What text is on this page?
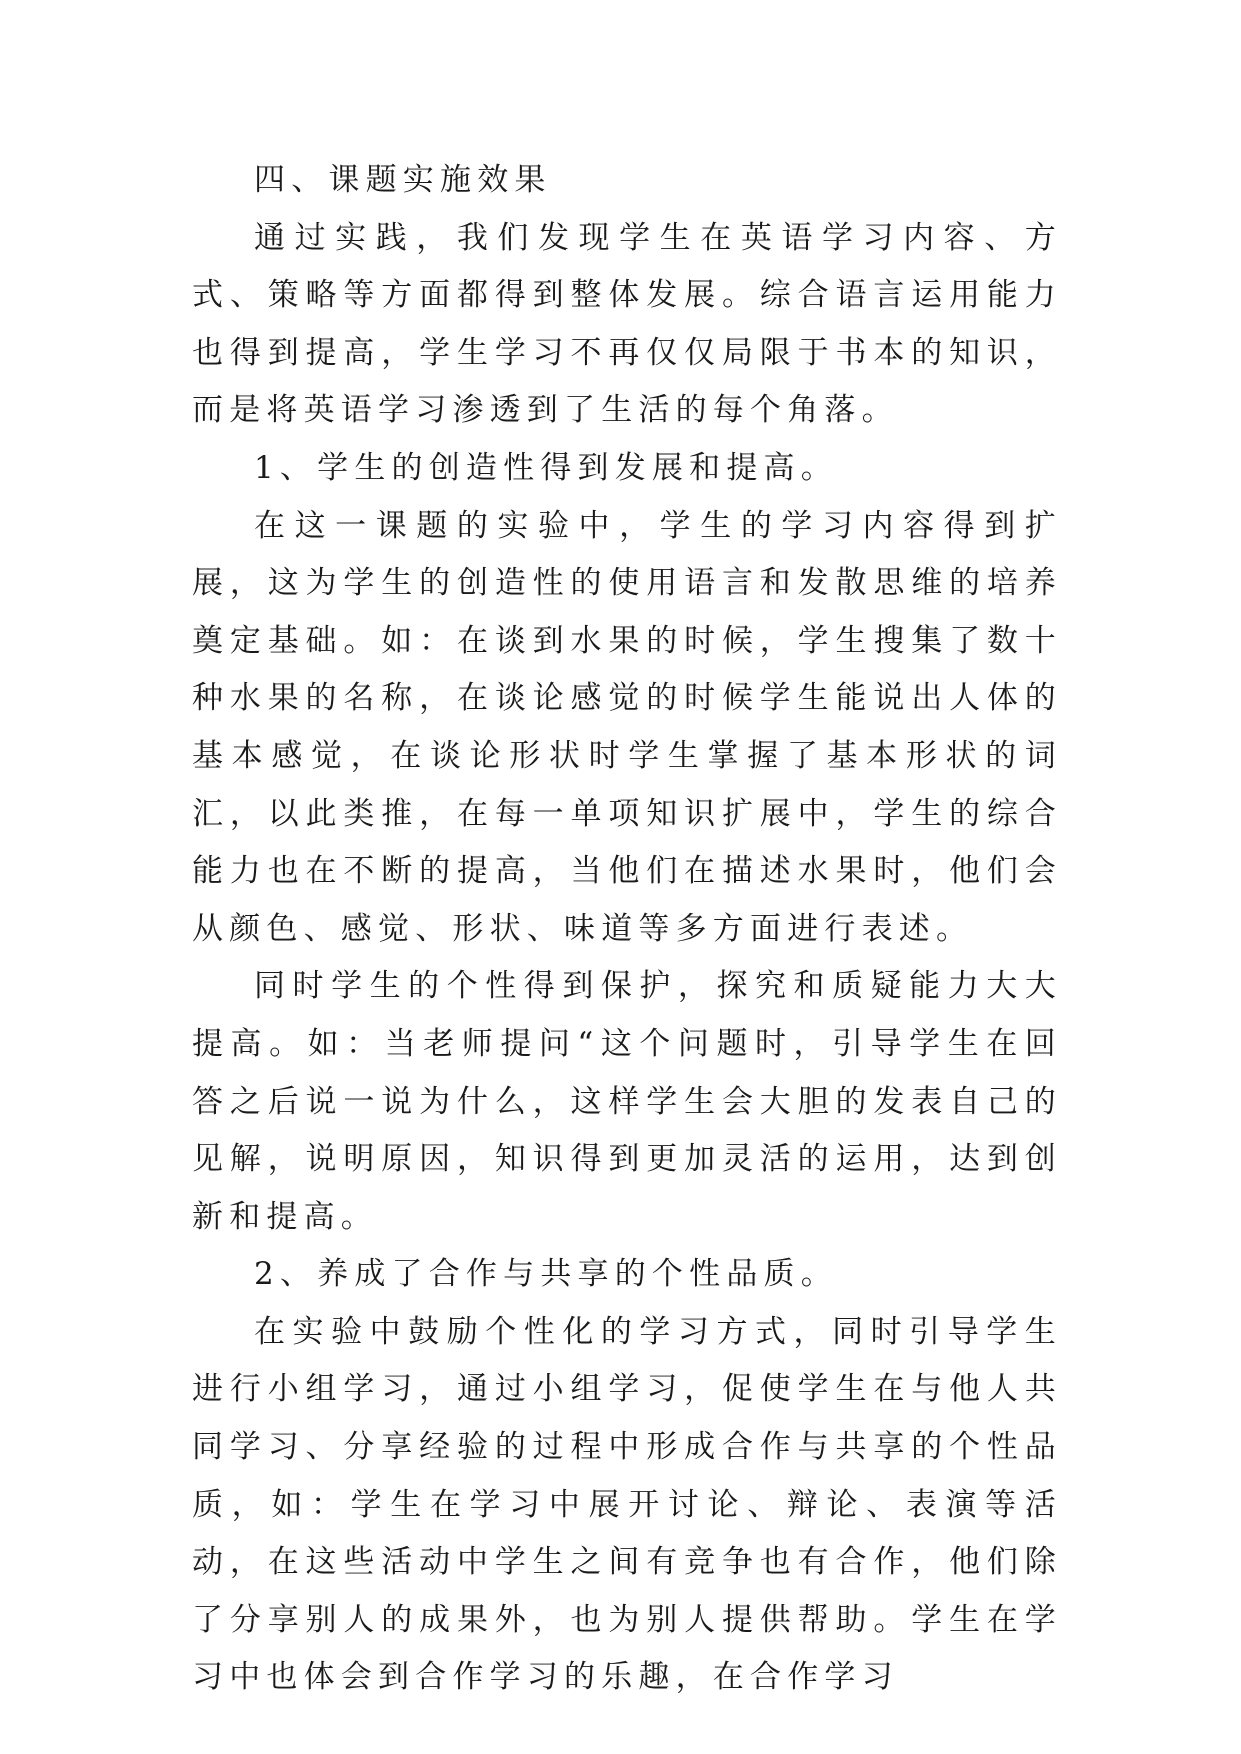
四、课题实施效果

通过实践，我们发现学生在英语学习内容、方式、策略等方面都得到整体发展。综合语言运用能力也得到提高，学生学习不再仅仅局限于书本的知识，而是将英语学习渗透到了生活的每个角落。

1、学生的创造性得到发展和提高。

在这一课题的实验中，学生的学习内容得到扩展，这为学生的创造性的使用语言和发散思维的培养奠定基础。如：在谈到水果的时候，学生搜集了数十种水果的名称，在谈论感觉的时候学生能说出人体的基本感觉，在谈论形状时学生掌握了基本形状的词汇，以此类推，在每一单项知识扩展中，学生的综合能力也在不断的提高，当他们在描述水果时，他们会从颜色、感觉、形状、味道等多方面进行表述。

同时学生的个性得到保护，探究和质疑能力大大提高。如：当老师提问“这个问题时，引导学生在回答之后说一说为什么，这样学生会大胆的发表自己的见解，说明原因，知识得到更加灵活的运用，达到创新和提高。

2、养成了合作与共享的个性品质。

在实验中鼓励个性化的学习方式，同时引导学生进行小组学习，通过小组学习，促使学生在与他人共同学习、分享经验的过程中形成合作与共享的个性品质，如：学生在学习中展开讨论、辩论、表演等活动，在这些活动中学生之间有竞争也有合作，他们除了分享别人的成果外，也为别人提供帮助。学生在学习中也体会到合作学习的乐趣，在合作学习
